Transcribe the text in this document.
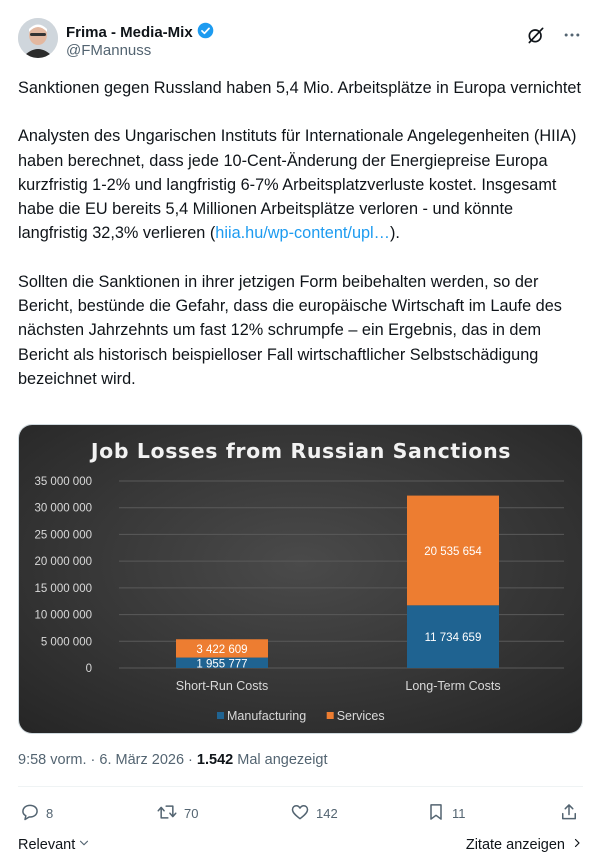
Frima - Media-Mix
@FMannuss

Sanktionen gegen Russland haben 5,4 Mio. Arbeitsplätze in Europa vernichtet

Analysten des Ungarischen Instituts für Internationale Angelegenheiten (HIIA) haben berechnet, dass jede 10-Cent-Änderung der Energiepreise Europa kurzfristig 1-2% und langfristig 6-7% Arbeitsplatzverluste kostet. Insgesamt habe die EU bereits 5,4 Millionen Arbeitsplätze verloren - und könnte langfristig 32,3% verlieren (hiia.hu/wp-content/upl…).

Sollten die Sanktionen in ihrer jetzigen Form beibehalten werden, so der Bericht, bestünde die Gefahr, dass die europäische Wirtschaft im Laufe des nächsten Jahrzehnts um fast 12% schrumpfe – ein Ergebnis, das in dem Bericht als historisch beispielloser Fall wirtschaftlicher Selbstschädigung bezeichnet wird.

Job Losses from Russian Sanctions
0
5 000 000
10 000 000
15 000 000
20 000 000
25 000 000
30 000 000
35 000 000
1 955 777
3 422 609
Short-Run Costs
11 734 659
20 535 654
Long-Term Costs
Manufacturing Services
9:58 vorm. · 6. März 2026 · 1.542 Mal angezeigt
8	70	142	11
Relevant	Zitate anzeigen
